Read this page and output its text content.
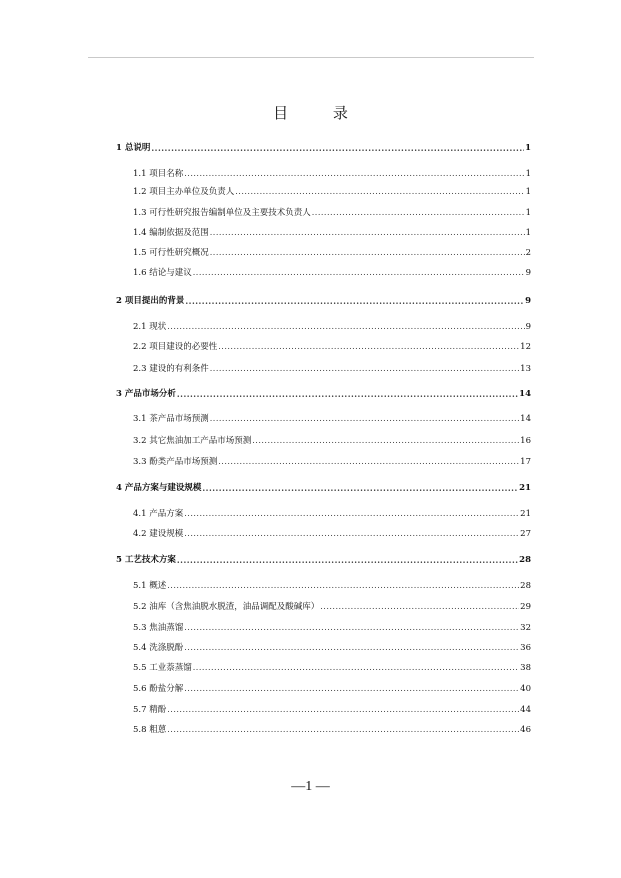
目 录
1 总说明 .....	1
1.1 项目名称 .....	1
1.2 项目主办单位及负责人 .....	1
1.3 可行性研究报告编制单位及主要技术负责人 .....	1
1.4 编制依据及范围 .....	1
1.5 可行性研究概况 .....	2
1.6 结论与建议 .....	9
2 项目提出的背景 .....	9
2.1 现状 .....	9
2.2 项目建设的必要性 .....	12
2.3 建设的有利条件 .....	13
3 产品市场分析 .....	14
3.1 茶产品市场预测 .....	14
3.2 其它焦油加工产品市场预测 .....	16
3.3 酚类产品市场预测 .....	17
4 产品方案与建设规模 .....	21
4.1 产品方案 .....	21
4.2 建设规模 .....	27
5 工艺技术方案 .....	28
5.1 概述 .....	28
5.2 油库（含焦油脱水脱渣，油品调配及酸碱库） .....	29
5.3 焦油蒸馏 .....	32
5.4 洗涤脱酚 .....	36
5.5 工业萘蒸馏 .....	38
5.6 酚盐分解 .....	40
5.7 精酚 .....	44
5.8 粗蒽 .....	46
—1 —
